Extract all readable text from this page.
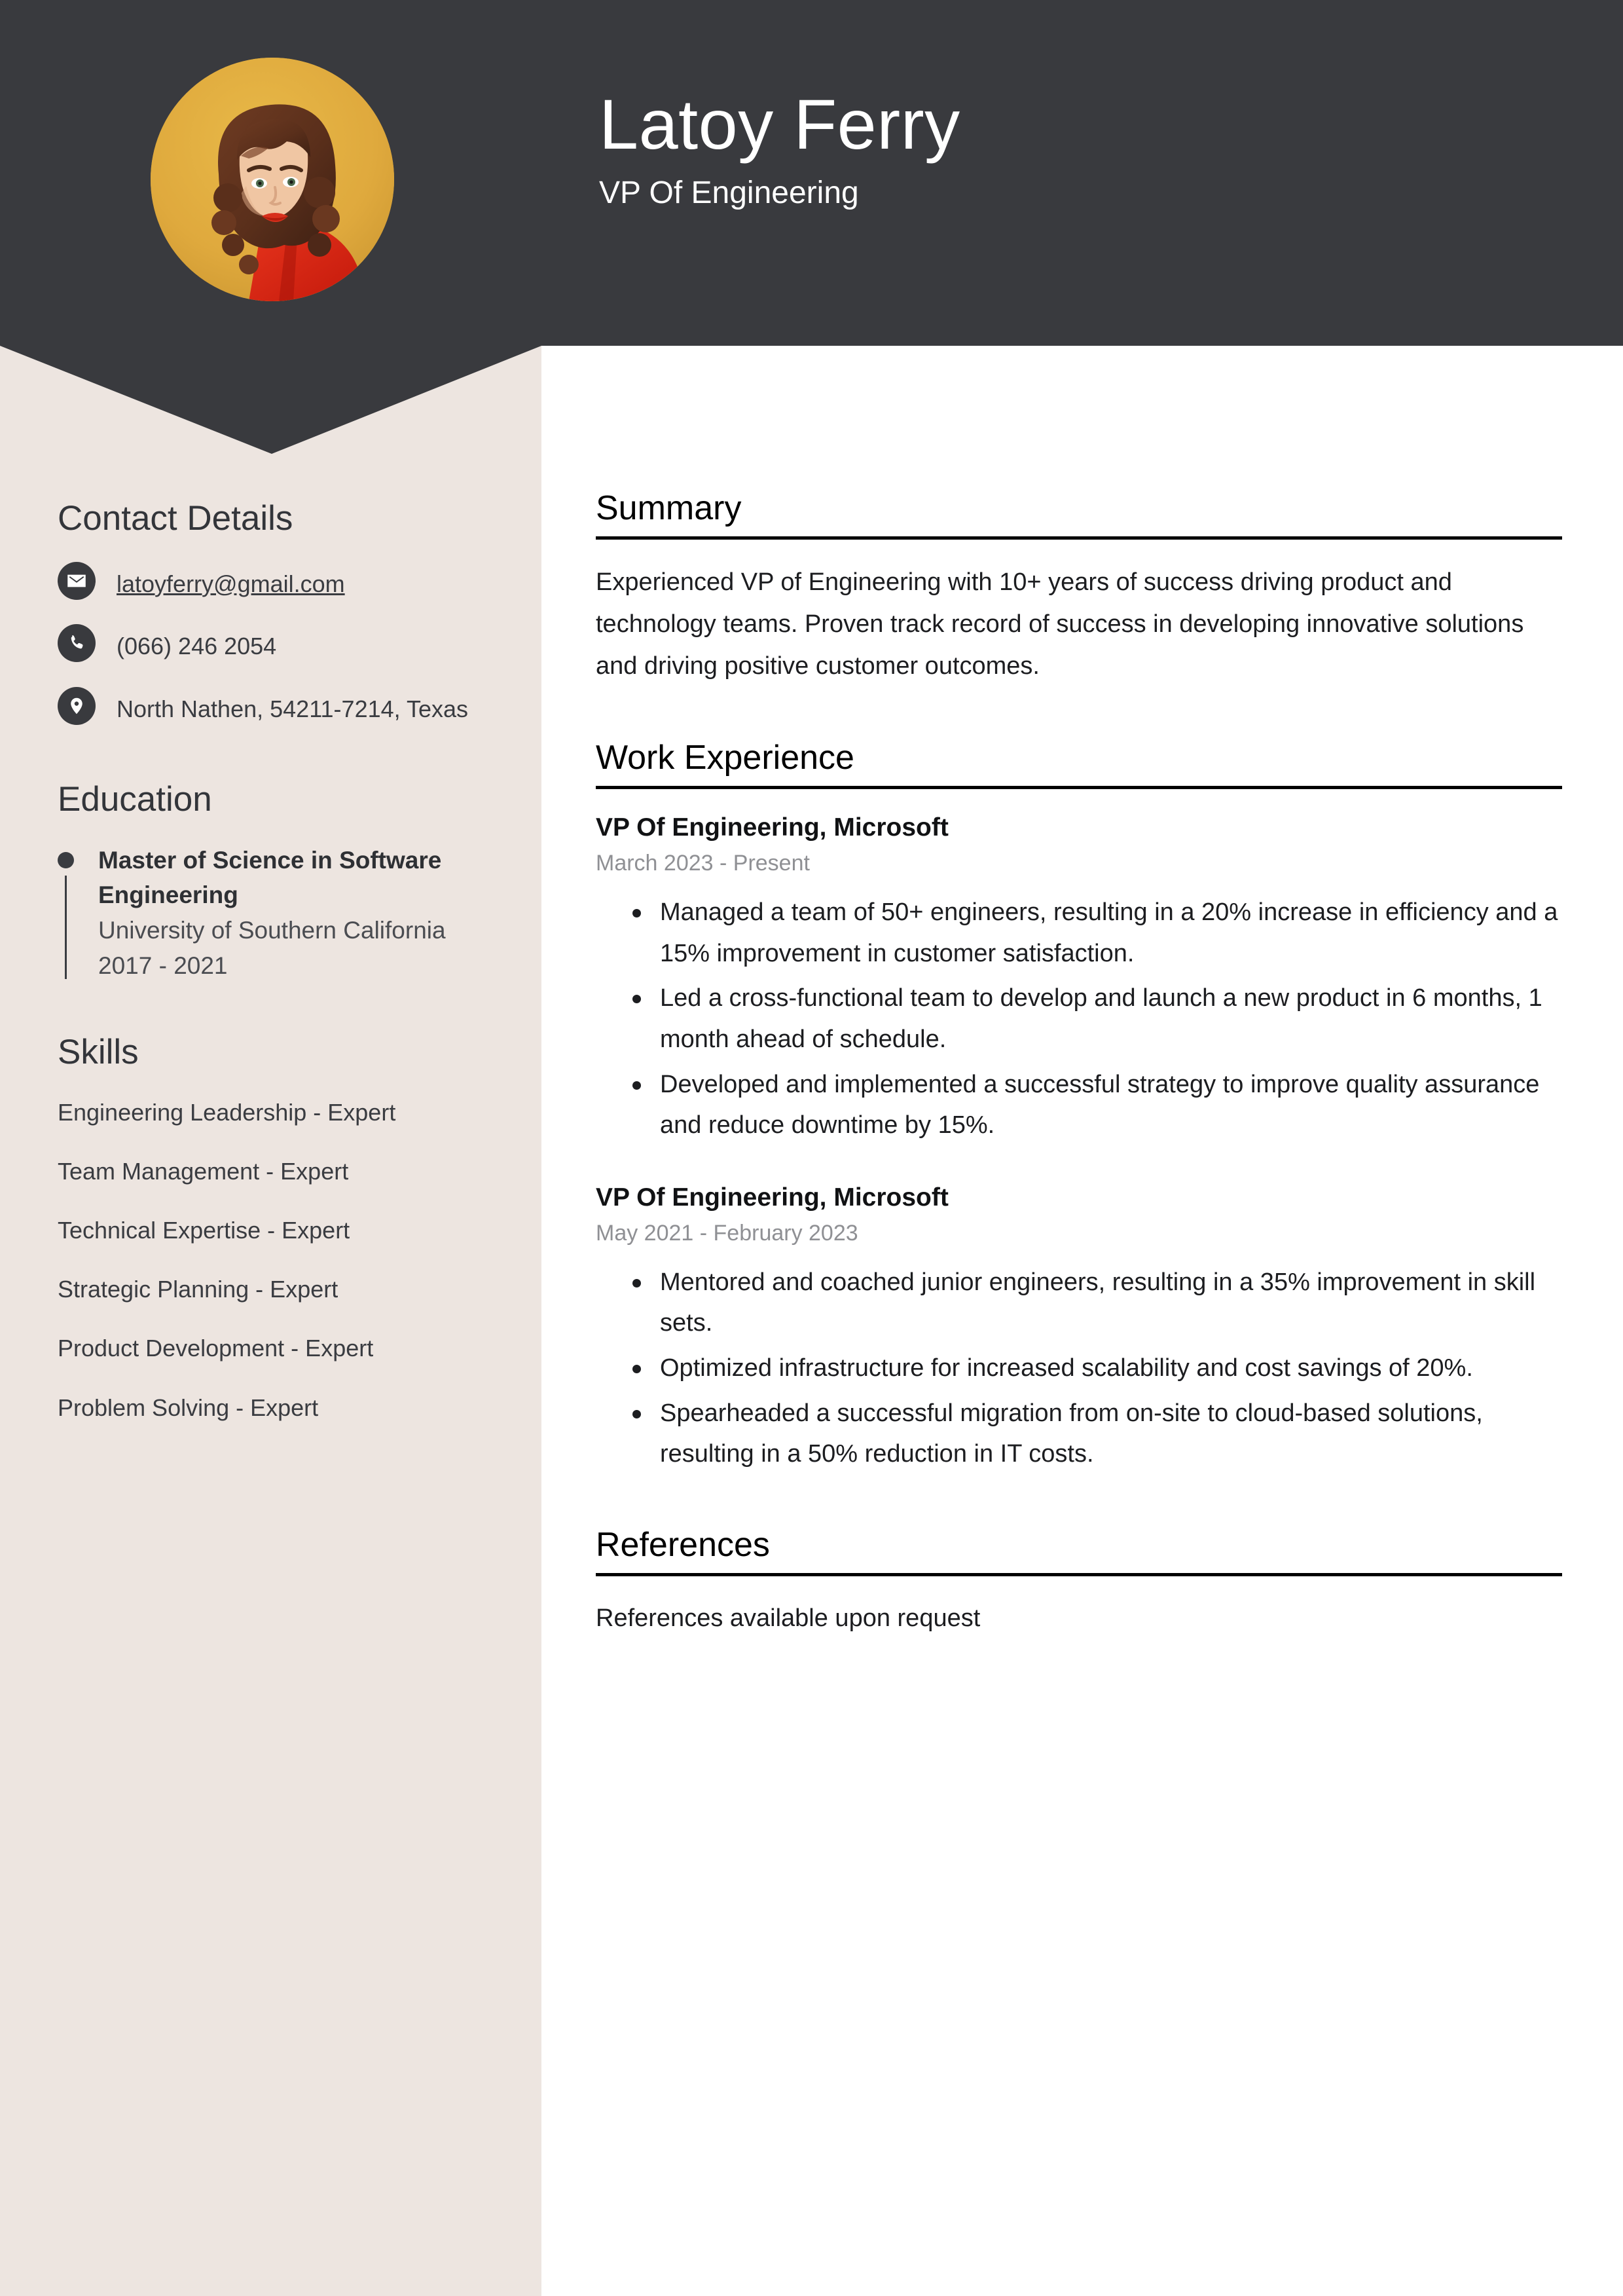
Latoy Ferry
VP Of Engineering
Contact Details
latoyferry@gmail.com
(066) 246 2054
North Nathen, 54211-7214, Texas
Education
Master of Science in Software Engineering
University of Southern California
2017 - 2021
Skills
Engineering Leadership - Expert
Team Management - Expert
Technical Expertise - Expert
Strategic Planning - Expert
Product Development - Expert
Problem Solving - Expert
Summary

Experienced VP of Engineering with 10+ years of success driving product and technology teams. Proven track record of success in developing innovative solutions and driving positive customer outcomes.

Work Experience
VP Of Engineering, Microsoft
March 2023 - Present
Managed a team of 50+ engineers, resulting in a 20% increase in efficiency and a 15% improvement in customer satisfaction.
Led a cross-functional team to develop and launch a new product in 6 months, 1 month ahead of schedule.
Developed and implemented a successful strategy to improve quality assurance and reduce downtime by 15%.
VP Of Engineering, Microsoft
May 2021 - February 2023
Mentored and coached junior engineers, resulting in a 35% improvement in skill sets.
Optimized infrastructure for increased scalability and cost savings of 20%.
Spearheaded a successful migration from on-site to cloud-based solutions, resulting in a 50% reduction in IT costs.
References

References available upon request
